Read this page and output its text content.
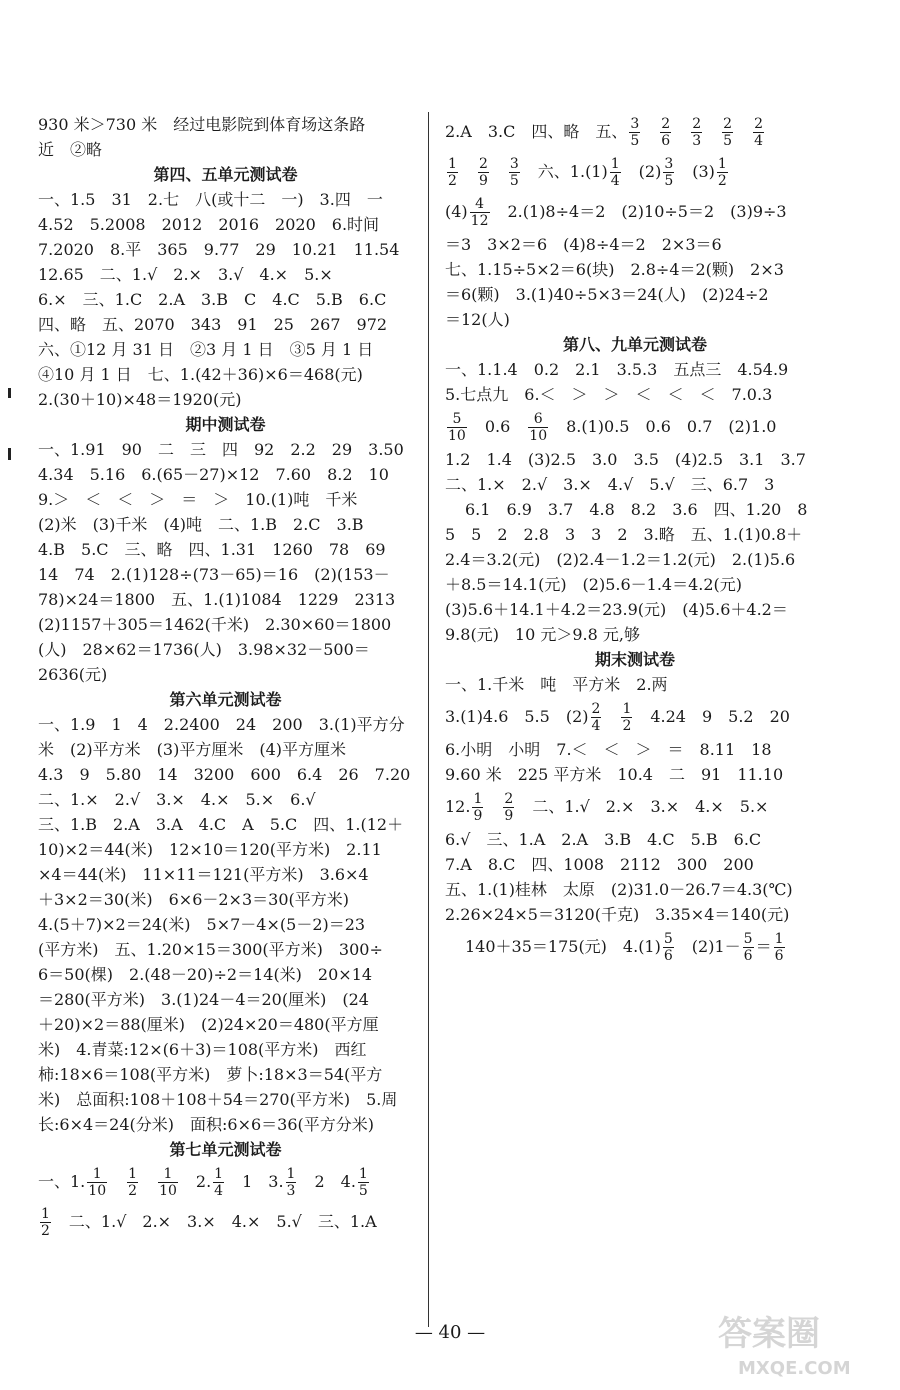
930 米＞730 米　经过电影院到体育场这条路
近　②略
第四、五单元测试卷
一、1.5　31　2.七　八(或十二　一)　3.四　一
4.52　5.2008　2012　2016　2020　6.时间
7.2020　8.平　365　9.77　29　10.21　11.54
12.65　二、1.√　2.×　3.√　4.×　5.×
6.×　三、1.C　2.A　3.B　C　4.C　5.B　6.C
四、略　五、2070　343　91　25　267　972
六、①12 月 31 日　②3 月 1 日　③5 月 1 日
④10 月 1 日　七、1.(42＋36)×6＝468(元)
2.(30＋10)×48＝1920(元)
期中测试卷
一、1.91　90　二　三　四　92　2.2　29　3.50
4.34　5.16　6.(65－27)×12　7.60　8.2　10
9.＞　＜　＜　＞　＝　＞　10.(1)吨　千米
(2)米　(3)千米　(4)吨　二、1.B　2.C　3.B
4.B　5.C　三、略　四、1.31　1260　78　69
14　74　2.(1)128÷(73－65)＝16　(2)(153－
78)×24＝1800　五、1.(1)1084　1229　2313
(2)1157＋305＝1462(千米)　2.30×60＝1800
(人)　28×62＝1736(人)　3.98×32－500＝
2636(元)
第六单元测试卷
一、1.9　1　4　2.2400　24　200　3.(1)平方分
米　(2)平方米　(3)平方厘米　(4)平方厘米
4.3　9　5.80　14　3200　600　6.4　26　7.20
二、1.×　2.√　3.×　4.×　5.×　6.√
三、1.B　2.A　3.A　4.C　A　5.C　四、1.(12＋
10)×2＝44(米)　12×10＝120(平方米)　2.11
×4＝44(米)　11×11＝121(平方米)　3.6×4
＋3×2＝30(米)　6×6－2×3＝30(平方米)
4.(5＋7)×2＝24(米)　5×7－4×(5－2)＝23
(平方米)　五、1.20×15＝300(平方米)　300÷
6＝50(棵)　2.(48－20)÷2＝14(米)　20×14
＝280(平方米)　3.(1)24－4＝20(厘米)　(24
＋20)×2＝88(厘米)　(2)24×20＝480(平方厘
米)　4.青菜:12×(6＋3)＝108(平方米)　西红
柿:18×6＝108(平方米)　萝卜:18×3＝54(平方
米)　总面积:108＋108＋54＝270(平方米)　5.周
长:6×4＝24(分米)　面积:6×6＝36(平方分米)
第七单元测试卷
一、1. $\frac{1}{10}$
　 $\frac{1}{2}$
　 $\frac{1}{10}$ 　2. $\frac{1}{4}$ 　1　3. $\frac{1}{3}$ 　2　4. $\frac{1}{5}$
$\frac{1}{2}$ 　二、1.√　2.×　3.×　4.×　5.√　三、1.A
2.A　3.C　四、略　五、 $\frac{3}{5}$
　 $\frac{2}{6}$
　 $\frac{2}{3}$
　 $\frac{2}{5}$
　 $\frac{2}{4}$
$\frac{1}{2}$
　 $\frac{2}{9}$
　 $\frac{3}{5}$ 　六、$1.(1) \frac{1}{4}$ 　$(2) \frac{3}{5}$ 　$(3) \frac{1}{2}$
$(4) \frac{4}{12}$ 　2.(1)8÷4＝2　(2)10÷5＝2　(3)9÷3
＝3　3×2＝6　(4)8÷4＝2　2×3＝6
七、1.15÷5×2＝6(块)　2.8÷4＝2(颗)　2×3
＝6(颗)　3.(1)40÷5×3＝24(人)　(2)24÷2
＝12(人)
第八、九单元测试卷
一、1.1.4　0.2　2.1　3.5.3　五点三　4.54.9
5.七点九　6.＜　＞　＞　＜　＜　＜　7.0.3
$\frac{5}{10}$ 　0.6　 $\frac{6}{10}$ 　8.(1)0.5　0.6　0.7　(2)1.0
1.2　1.4　(3)2.5　3.0　3.5　(4)2.5　3.1　3.7
二、1.×　2.√　3.×　4.√　5.√　三、6.7　3
6.1　6.9　3.7　4.8　8.2　3.6　四、1.20　8
5　5　2　2.8　3　3　2　3.略　五、1.(1)0.8＋
2.4＝3.2(元)　(2)2.4－1.2＝1.2(元)　2.(1)5.6
＋8.5＝14.1(元)　(2)5.6－1.4＝4.2(元)
(3)5.6＋14.1＋4.2＝23.9(元)　(4)5.6＋4.2＝
9.8(元)　10 元＞9.8 元,够
期末测试卷
一、1.千米　吨　平方米　2.两
3.(1)4.6　5.5　$(2) \frac{2}{4}$
　 $\frac{1}{2}$ 　4.24　9　5.2　20
6.小明　小明　7.＜　＜　＞　＝　8.11　18
9.60 米　225 平方米　10.4　二　91　11.10
12. $\frac{1}{9}$
　 $\frac{2}{9}$ 　二、1.√　2.×　3.×　4.×　5.×
6.√　三、1.A　2.A　3.B　4.C　5.B　6.C
7.A　8.C　四、1008　2112　300　200
五、1.(1)桂林　太原　(2)31.0－26.7＝4.3(℃)
2.26×24×5＝3120(千克)　3.35×4＝140(元)
140＋35＝175(元)　$4.(1) \frac{5}{6}$ 　$(2)1- \frac{5}{6} = \frac{1}{6}$
— 40 —	答案圈
MXQE.COM
